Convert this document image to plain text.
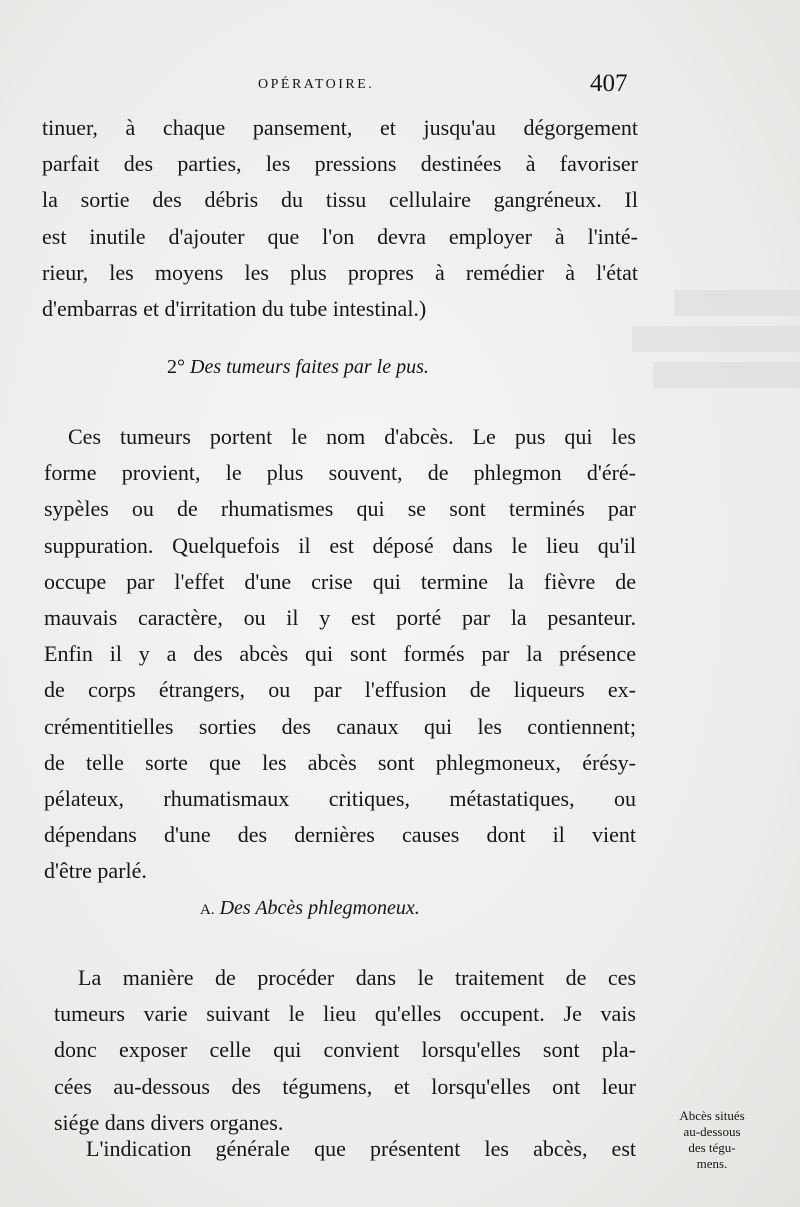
OPÉRATOIRE.	407
tinuer, à chaque pansement, et jusqu'au dégorgement
parfait des parties, les pressions destinées à favoriser
la sortie des débris du tissu cellulaire gangréneux. Il
est inutile d'ajouter que l'on devra employer à l'inté-
rieur, les moyens les plus propres à remédier à l'état
d'embarras et d'irritation du tube intestinal.)
2° Des tumeurs faites par le pus.
Ces tumeurs portent le nom d'abcès. Le pus qui les
forme provient, le plus souvent, de phlegmon d'éré-
sypèles ou de rhumatismes qui se sont terminés par
suppuration. Quelquefois il est déposé dans le lieu qu'il
occupe par l'effet d'une crise qui termine la fièvre de
mauvais caractère, ou il y est porté par la pesanteur.
Enfin il y a des abcès qui sont formés par la présence
de corps étrangers, ou par l'effusion de liqueurs ex-
crémentitielles sorties des canaux qui les contiennent;
de telle sorte que les abcès sont phlegmoneux, érésy-
pélateux, rhumatismaux critiques, métastatiques, ou
dépendans d'une des dernières causes dont il vient
d'être parlé.
A. Des Abcès phlegmoneux.
La manière de procéder dans le traitement de ces
tumeurs varie suivant le lieu qu'elles occupent. Je vais
donc exposer celle qui convient lorsqu'elles sont pla-
cées au-dessous des tégumens, et lorsqu'elles ont leur
siége dans divers organes.
L'indication générale que présentent les abcès, est
Abcès situés
au-dessous
des tégu-
mens.
